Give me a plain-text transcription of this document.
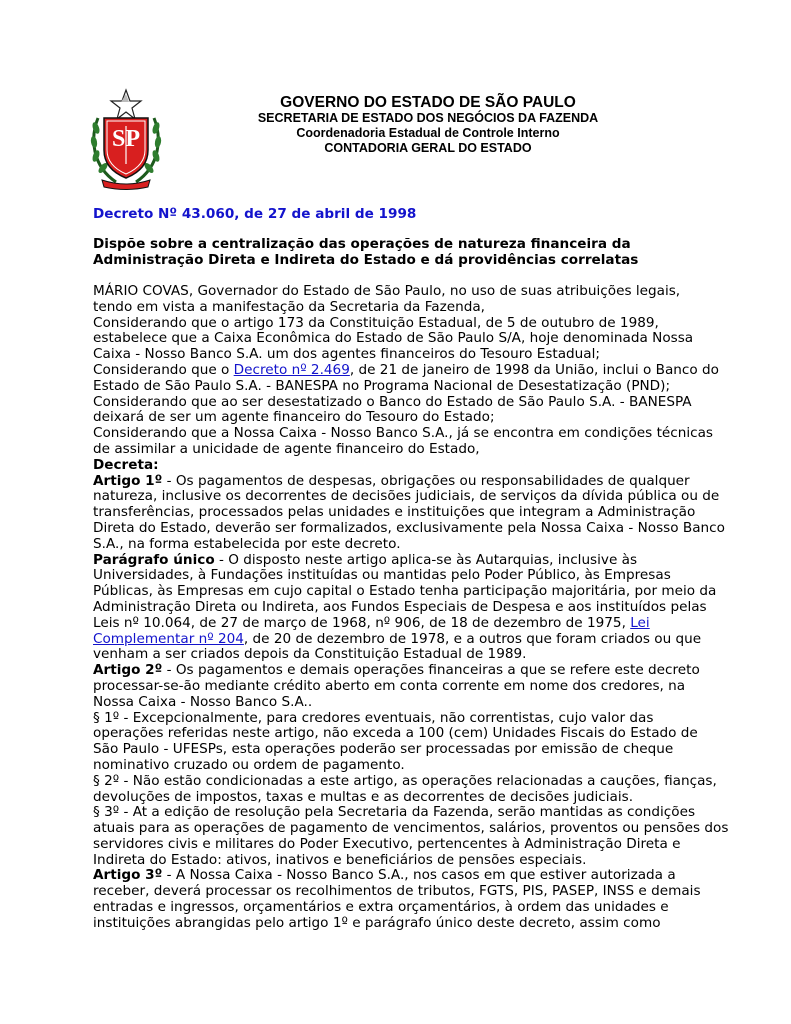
SP
GOVERNO DO ESTADO DE SÃO PAULO
SECRETARIA DE ESTADO DOS NEGÓCIOS DA FAZENDA
Coordenadoria Estadual de Controle Interno
CONTADORIA GERAL DO ESTADO
Decreto Nº 43.060, de 27 de abril de 1998
Dispõe sobre a centralização das operações de natureza financeira da
Administração Direta e Indireta do Estado e dá providências correlatas
MÁRIO COVAS, Governador do Estado de São Paulo, no uso de suas atribuições legais,
tendo em vista a manifestação da Secretaria da Fazenda,
Considerando que o artigo 173 da Constituição Estadual, de 5 de outubro de 1989,
estabelece que a Caixa Econômica do Estado de São Paulo S/A, hoje denominada Nossa
Caixa - Nosso Banco S.A. um dos agentes financeiros do Tesouro Estadual;
Considerando que o Decreto nº 2.469, de 21 de janeiro de 1998 da União, inclui o Banco do
Estado de São Paulo S.A. - BANESPA no Programa Nacional de Desestatização (PND);
Considerando que ao ser desestatizado o Banco do Estado de São Paulo S.A. - BANESPA
deixará de ser um agente financeiro do Tesouro do Estado;
Considerando que a Nossa Caixa - Nosso Banco S.A., já se encontra em condições técnicas
de assimilar a unicidade de agente financeiro do Estado,
Decreta:
Artigo 1º - Os pagamentos de despesas, obrigações ou responsabilidades de qualquer
natureza, inclusive os decorrentes de decisões judiciais, de serviços da dívida pública ou de
transferências, processados pelas unidades e instituições que integram a Administração
Direta do Estado, deverão ser formalizados, exclusivamente pela Nossa Caixa - Nosso Banco
S.A., na forma estabelecida por este decreto.
Parágrafo único - O disposto neste artigo aplica-se às Autarquias, inclusive às
Universidades, à Fundações instituídas ou mantidas pelo Poder Público, às Empresas
Públicas, às Empresas em cujo capital o Estado tenha participação majoritária, por meio da
Administração Direta ou Indireta, aos Fundos Especiais de Despesa e aos instituídos pelas
Leis nº 10.064, de 27 de março de 1968, nº 906, de 18 de dezembro de 1975, Lei
Complementar nº 204, de 20 de dezembro de 1978, e a outros que foram criados ou que
venham a ser criados depois da Constituição Estadual de 1989.
Artigo 2º - Os pagamentos e demais operações financeiras a que se refere este decreto
processar-se-ão mediante crédito aberto em conta corrente em nome dos credores, na
Nossa Caixa - Nosso Banco S.A..
§ 1º - Excepcionalmente, para credores eventuais, não correntistas, cujo valor das
operações referidas neste artigo, não exceda a 100 (cem) Unidades Fiscais do Estado de
São Paulo - UFESPs, esta operações poderão ser processadas por emissão de cheque
nominativo cruzado ou ordem de pagamento.
§ 2º - Não estão condicionadas a este artigo, as operações relacionadas a cauções, fianças,
devoluções de impostos, taxas e multas e as decorrentes de decisões judiciais.
§ 3º - At a edição de resolução pela Secretaria da Fazenda, serão mantidas as condições
atuais para as operações de pagamento de vencimentos, salários, proventos ou pensões dos
servidores civis e militares do Poder Executivo, pertencentes à Administração Direta e
Indireta do Estado: ativos, inativos e beneficiários de pensões especiais.
Artigo 3º - A Nossa Caixa - Nosso Banco S.A., nos casos em que estiver autorizada a
receber, deverá processar os recolhimentos de tributos, FGTS, PIS, PASEP, INSS e demais
entradas e ingressos, orçamentários e extra orçamentários, à ordem das unidades e
instituições abrangidas pelo artigo 1º e parágrafo único deste decreto, assim como
